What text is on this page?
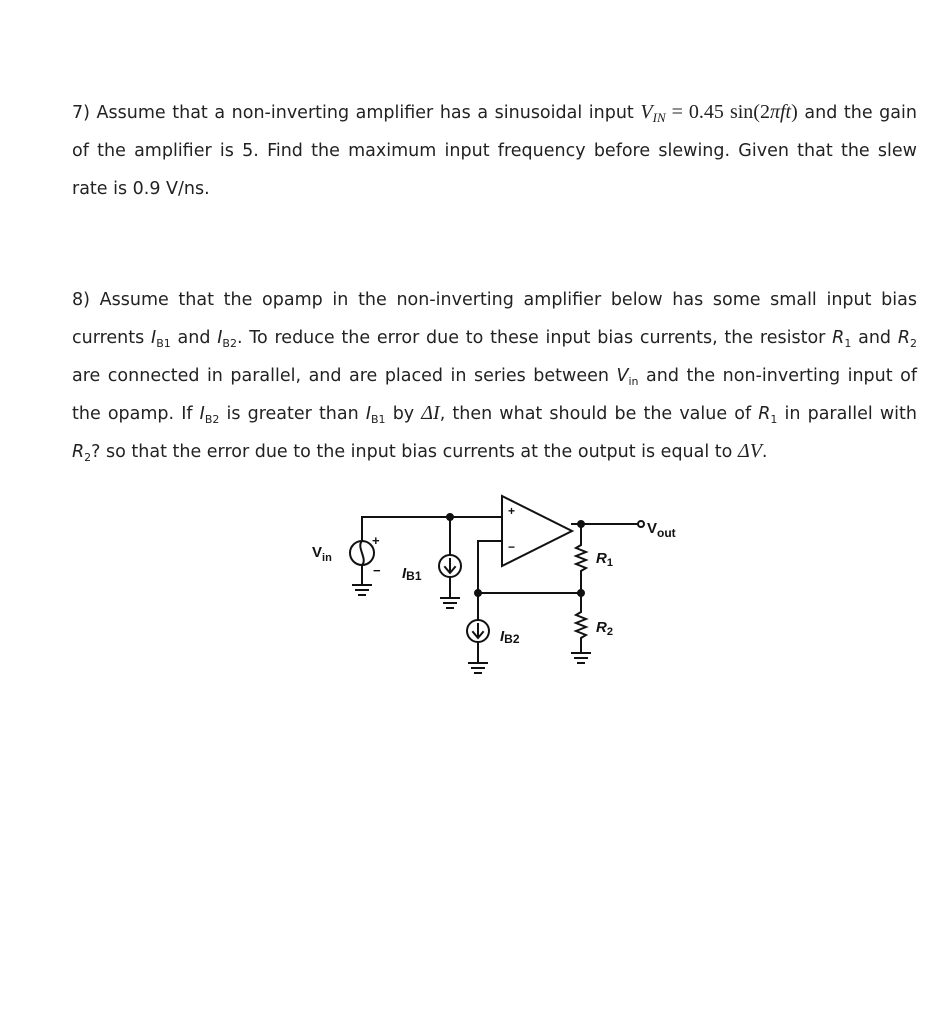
7) Assume that a non-inverting amplifier has a sinusoidal input $V_{IN} = 0.45$ sin(2πft) and the gain
of the amplifier is 5. Find the maximum input frequency before slewing. Given that the slew
rate is 0.9 V/ns.
8) Assume that the opamp in the non-inverting amplifier below has some small input bias
currents $I_{B1}$ and $I_{B2}$. To reduce the error due to these input bias currents, the resistor $R_1$ and $R_2$
are connected in parallel, and are placed in series between $V_{in}$ and the non-inverting input of
the opamp. If $I_{B2}$ is greater than $I_{B1}$ by ΔI, then what should be the value of $R_1$ in parallel with
$R_2$? so that the error due to the input bias currents at the output is equal to ΔV.
$V_{in}$
+
− IB1
+
−
IB2
$V_{out}$
$R_1$
$R_2$
